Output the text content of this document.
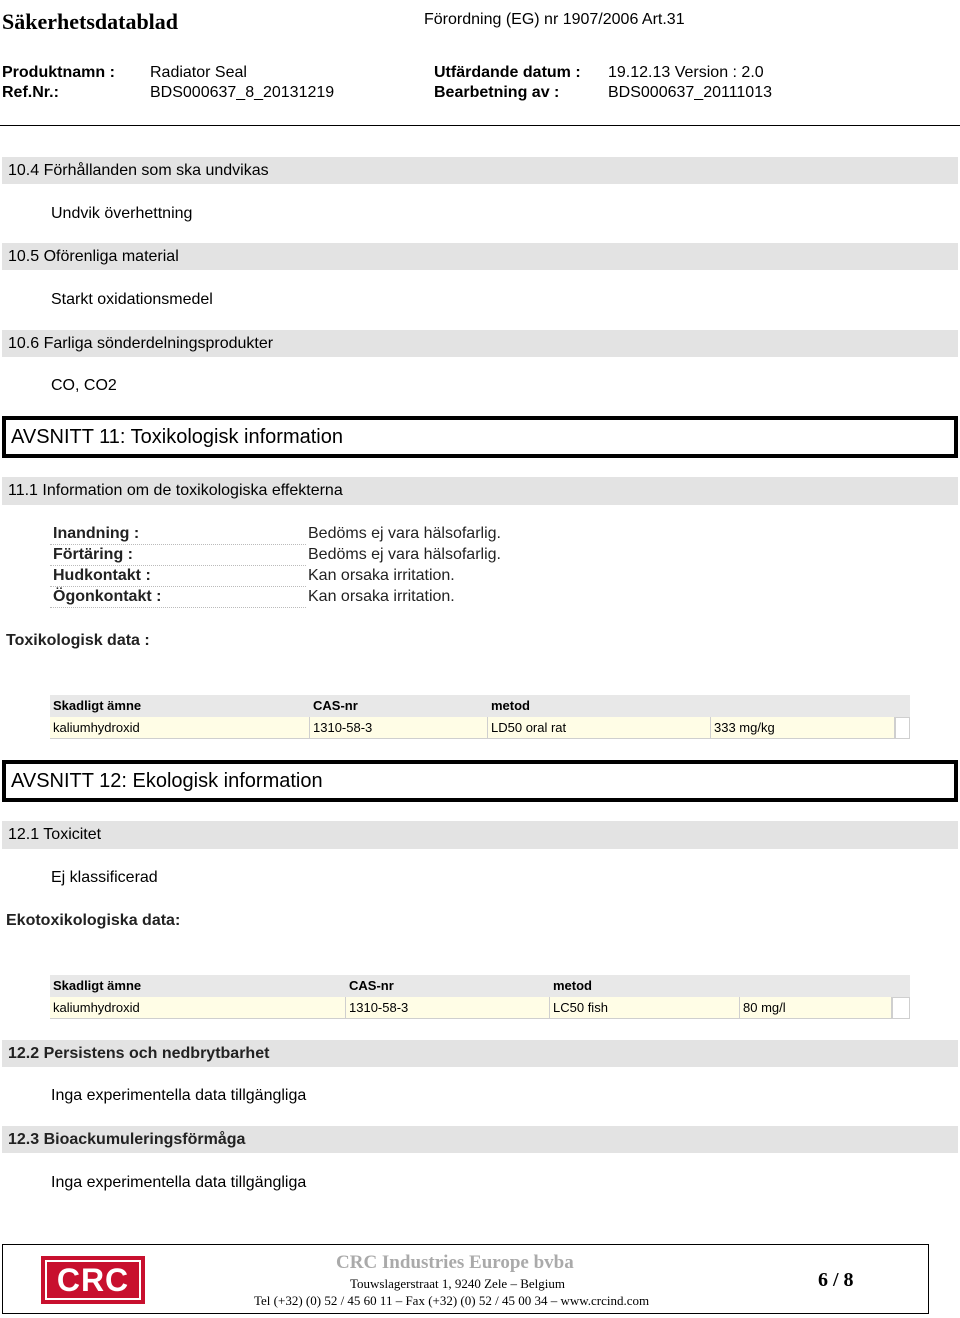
Säkerhetsdatablad	Förordning (EG) nr 1907/2006 Art.31
Produktnamn : Radiator Seal	Utfärdande datum : 19.12.13 Version : 2.0
Ref.Nr.:	BDS000637_8_20131219	Bearbetning av :	BDS000637_20111013
10.4 Förhållanden som ska undvikas
Undvik överhettning
10.5 Oförenliga material
Starkt oxidationsmedel
10.6 Farliga sönderdelningsprodukter
CO, CO2
AVSNITT 11: Toxikologisk information
11.1 Information om de toxikologiska effekterna
Inandning :	Bedöms ej vara hälsofarlig.
Förtäring :	Bedöms ej vara hälsofarlig.
Hudkontakt :	Kan orsaka irritation.
Ögonkontakt :	Kan orsaka irritation.
Toxikologisk data :
Skadligt ämne	CAS-nr	metod
kaliumhydroxid	1310-58-3	LD50 oral rat	333 mg/kg
AVSNITT 12: Ekologisk information
12.1 Toxicitet
Ej klassificerad
Ekotoxikologiska data:
Skadligt ämne	CAS-nr	metod
kaliumhydroxid	1310-58-3	LC50 fish	80 mg/l
12.2 Persistens och nedbrytbarhet
Inga experimentella data tillgängliga
12.3 Bioackumuleringsförmåga
Inga experimentella data tillgängliga
CRC	CRC Industries Europe bvba
Touwslagerstraat 1, 9240 Zele – Belgium
Tel (+32) (0) 52 / 45 60 11 – Fax (+32) (0) 52 / 45 00 34 – www.crcind.com
6 / 8
